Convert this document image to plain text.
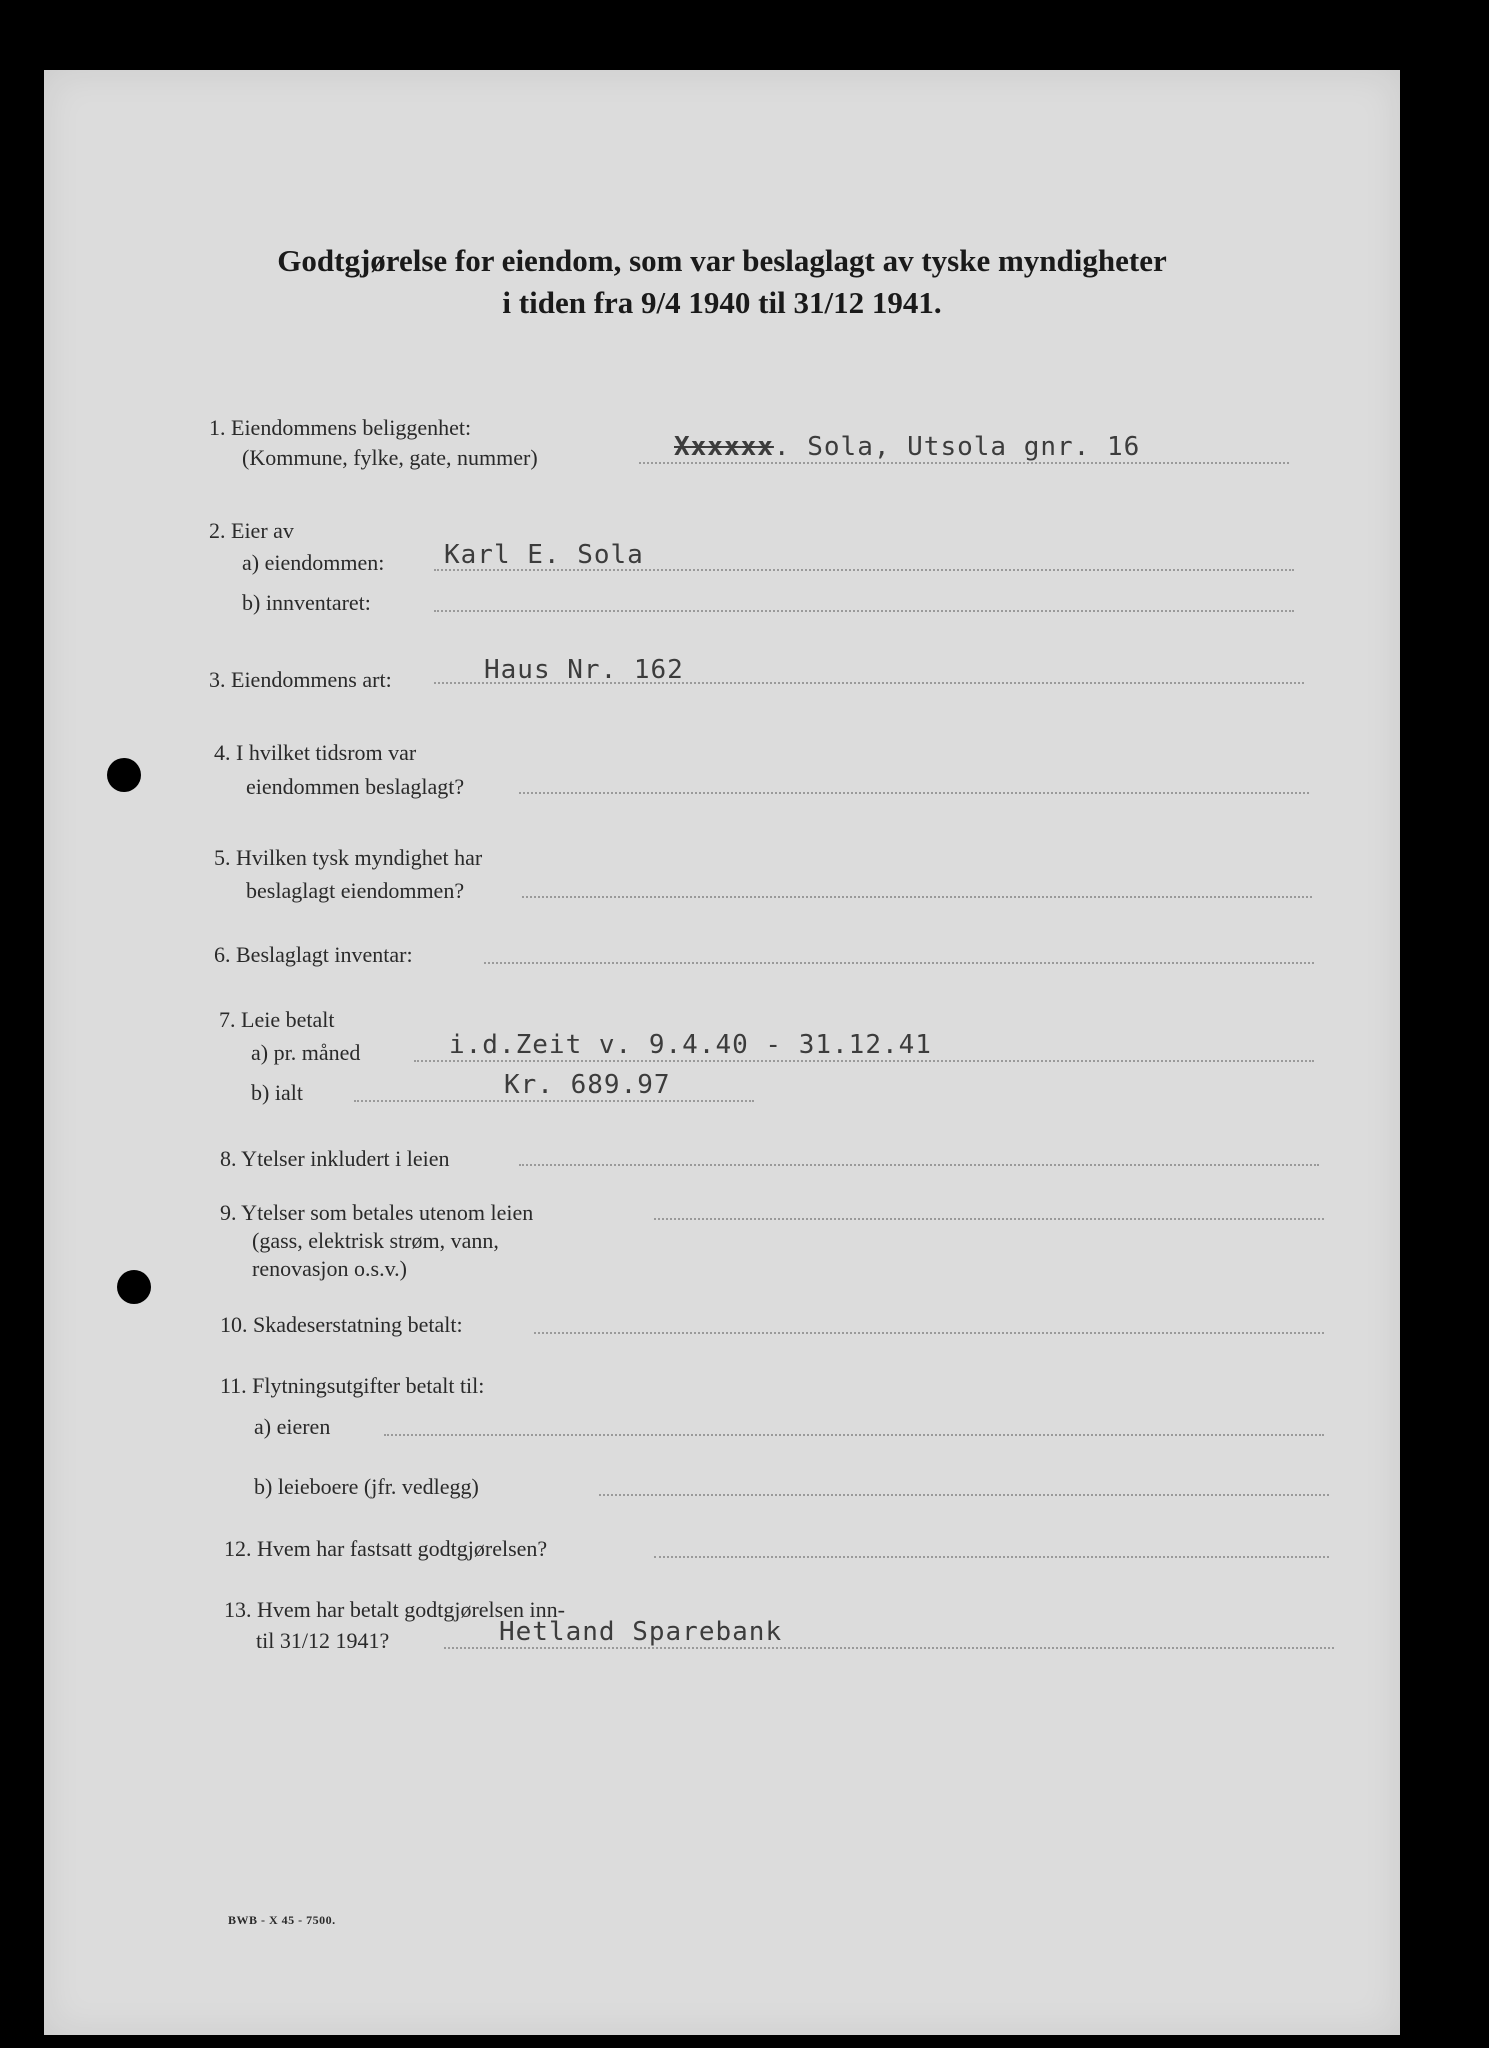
Godtgjørelse for eiendom, som var beslaglagt av tyske myndigheter
i tiden fra 9/4 1940 til 31/12 1941.
1. Eiendommens beliggenhet:
(Kommune, fylke, gate, nummer)	Xxxxxx. Sola, Utsola gnr. 16
2. Eier av
a) eiendommen: Karl E. Sola
b) innventaret:
3. Eiendommens art:	Haus Nr. 162
4. I hvilket tidsrom var
eiendommen beslaglagt?
5. Hvilken tysk myndighet har
beslaglagt eiendommen?
6. Beslaglagt inventar:
7. Leie betalt
a) pr. måned	i.d.Zeit v. 9.4.40 - 31.12.41
b) ialt	Kr. 689.97
8. Ytelser inkludert i leien
9. Ytelser som betales utenom leien
(gass, elektrisk strøm, vann,
renovasjon o.s.v.)
10. Skadeserstatning betalt:
11. Flytningsutgifter betalt til:
a) eieren
b) leieboere (jfr. vedlegg)
12. Hvem har fastsatt godtgjørelsen?
13. Hvem har betalt godtgjørelsen inn-
til 31/12 1941?	Hetland Sparebank
BWB - X 45 - 7500.
